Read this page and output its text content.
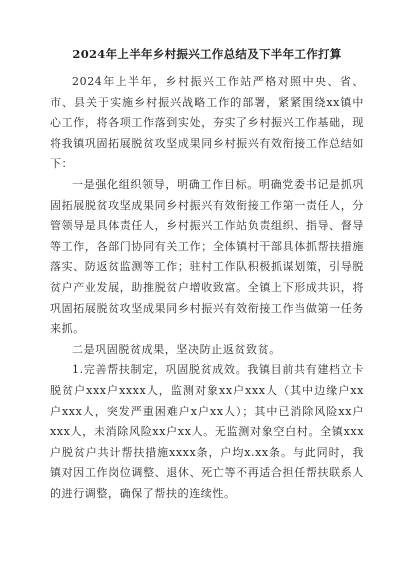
2024年上半年乡村振兴工作总结及下半年工作打算

2024年上半年，乡村振兴工作站严格对照中央、省、市、县关于实施乡村振兴战略工作的部署，紧紧围绕xx镇中心工作，将各项工作落到实处，夯实了乡村振兴工作基础，现将我镇巩固拓展脱贫攻坚成果同乡村振兴有效衔接工作总结如下：

一是强化组织领导，明确工作目标。明确党委书记是抓巩固拓展脱贫攻坚成果同乡村振兴有效衔接工作第一责任人，分管领导是具体责任人，乡村振兴工作站负责组织、指导、督导等工作，各部门协同有关工作；全体镇村干部具体抓帮扶措施落实、防返贫监测等工作；驻村工作队积极抓谋划策，引导脱贫户产业发展，助推脱贫户增收致富。全镇上下形成共识，将巩固拓展脱贫攻坚成果同乡村振兴有效衔接工作当做第一任务来抓。

二是巩固脱贫成果，坚决防止返贫致贫。

1.完善帮扶制定，巩固脱贫成效。我镇目前共有建档立卡脱贫户xxx户xxxx人，监测对象xx户xxx人（其中边缘户xx户xxx人，突发严重困难户x户xx人）；其中已消除风险xx户xxx人，未消除风险xx户xx人。无监测对象空白村。全镇xxx户脱贫户共计帮扶措施xxxx条，户均x.xx条。与此同时，我镇对因工作岗位调整、退休、死亡等不再适合担任帮扶联系人的进行调整，确保了帮扶的连续性。
